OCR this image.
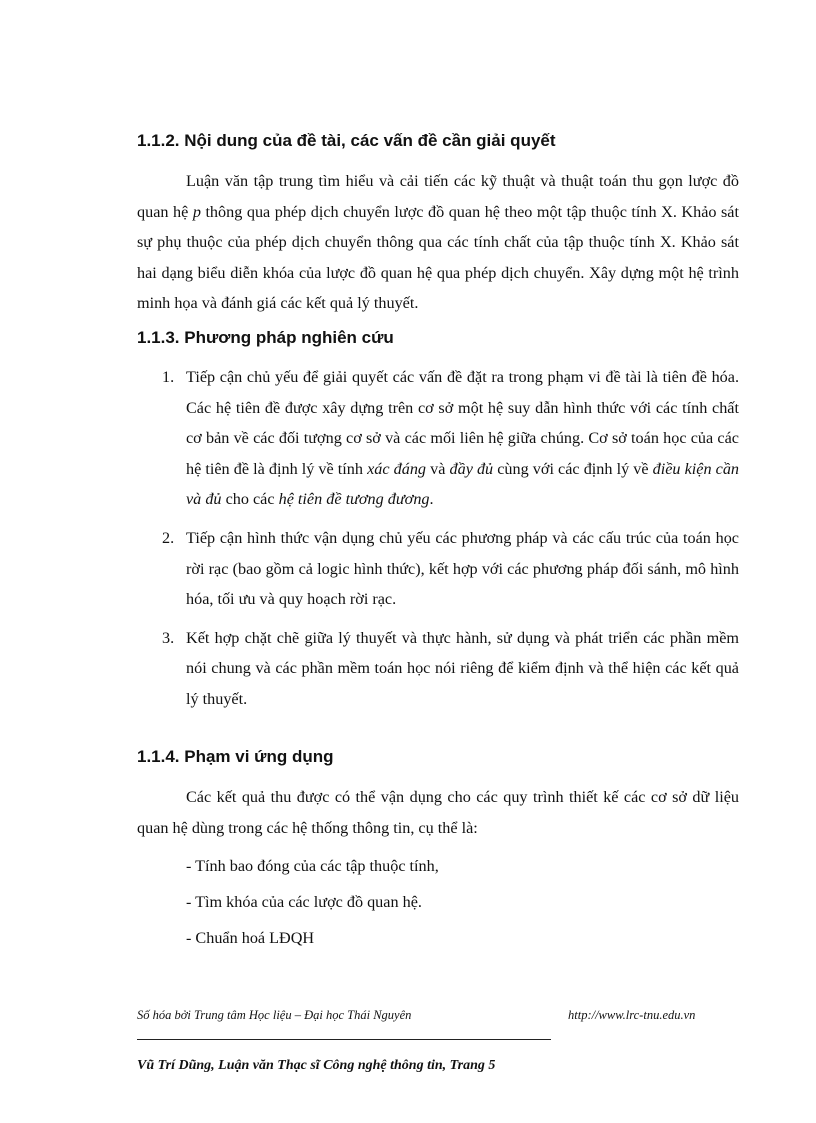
1.1.2. Nội dung của đề tài, các vấn đề cần giải quyết

Luận văn tập trung tìm hiểu và cải tiến các kỹ thuật và thuật toán thu gọn lược đồ quan hệ p thông qua phép dịch chuyển lược đồ quan hệ theo một tập thuộc tính X. Khảo sát sự phụ thuộc của phép dịch chuyển thông qua các tính chất của tập thuộc tính X. Khảo sát hai dạng biểu diễn khóa của lược đồ quan hệ qua phép dịch chuyển. Xây dựng một hệ trình minh họa và đánh giá các kết quả lý thuyết.

1.1.3. Phương pháp nghiên cứu
1. Tiếp cận chủ yếu để giải quyết các vấn đề đặt ra trong phạm vi đề tài là tiên đề hóa. Các hệ tiên đề được xây dựng trên cơ sở một hệ suy dẫn hình thức với các tính chất cơ bản về các đối tượng cơ sở và các mối liên hệ giữa chúng. Cơ sở toán học của các hệ tiên đề là định lý về tính xác đáng và đầy đủ cùng với các định lý về điều kiện cần và đủ cho các hệ tiên đề tương đương.
2. Tiếp cận hình thức vận dụng chủ yếu các phương pháp và các cấu trúc của toán học rời rạc (bao gồm cả logic hình thức), kết hợp với các phương pháp đối sánh, mô hình hóa, tối ưu và quy hoạch rời rạc.
3. Kết hợp chặt chẽ giữa lý thuyết và thực hành, sử dụng và phát triển các phần mềm nói chung và các phần mềm toán học nói riêng để kiểm định và thể hiện các kết quả lý thuyết.
1.1.4. Phạm vi ứng dụng

Các kết quả thu được có thể vận dụng cho các quy trình thiết kế các cơ sở dữ liệu quan hệ dùng trong các hệ thống thông tin, cụ thể là:

- Tính bao đóng của các tập thuộc tính,

- Tìm khóa của các lược đồ quan hệ.

- Chuẩn hoá LĐQH

Số hóa bởi Trung tâm Học liệu – Đại học Thái Nguyên	http://www.lrc-tnu.edu.vn
Vũ Trí Dũng, Luận văn Thạc sĩ Công nghệ thông tin, Trang 5
